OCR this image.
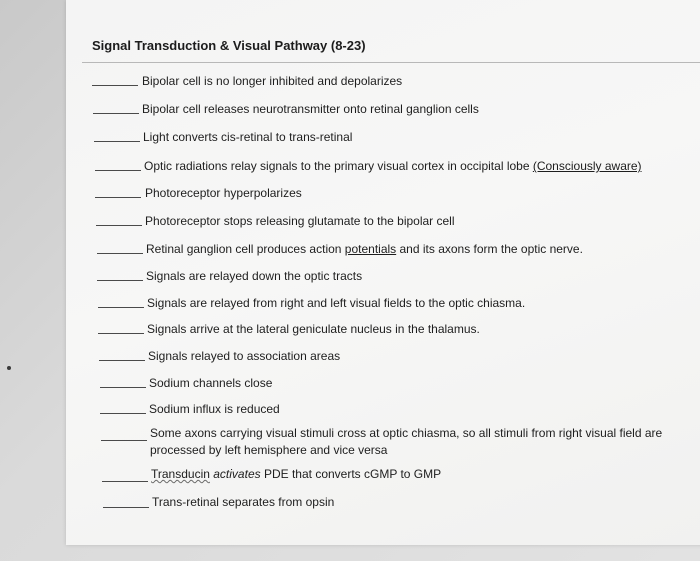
Signal Transduction & Visual Pathway (8-23)
Bipolar cell is no longer inhibited and depolarizes
Bipolar cell releases neurotransmitter onto retinal ganglion cells
Light converts cis-retinal to trans-retinal
Optic radiations relay signals to the primary visual cortex in occipital lobe (Consciously aware)
Photoreceptor hyperpolarizes
Photoreceptor stops releasing glutamate to the bipolar cell
Retinal ganglion cell produces action potentials and its axons form the optic nerve.
Signals are relayed down the optic tracts
Signals are relayed from right and left visual fields to the optic chiasma.
Signals arrive at the lateral geniculate nucleus in the thalamus.
Signals relayed to association areas
Sodium channels close
Sodium influx is reduced
Some axons carrying visual stimuli cross at optic chiasma, so all stimuli from right visual field are processed by left hemisphere and vice versa
Transducin activates PDE that converts cGMP to GMP
Trans-retinal separates from opsin
